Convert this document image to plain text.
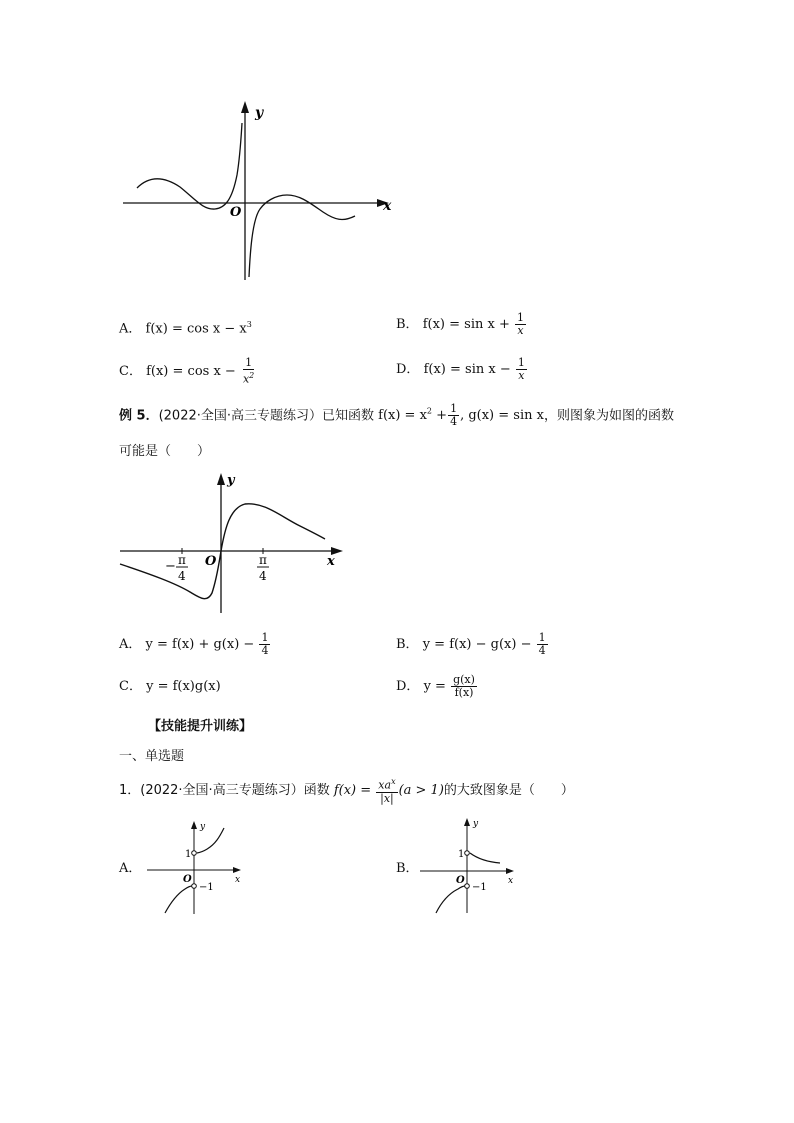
y
x
O
A． $f(x) = \cos x - x^3$	B． $f(x) = \sin x + \frac{1}{x}$
C． $f(x) = \cos x - \frac{1}{x^2}$	D． $f(x) = \sin x - \frac{1}{x}$
例 5．(2022·全国·高三专题练习）已知函数 $f(x) = x^2 + \frac{1}{4}$ , g(x) = sin x，则图象为如图的函数
可能是（　　）
y
x
O
− π
4
π
4
A． $y = f(x) + g(x) - \frac{1}{4}$	B． $y = f(x) - g(x) - \frac{1}{4}$
C． y = f(x)g(x)	D． $y = \frac{g(x)}{f(x)}$
【技能提升训练】
一、单选题
1．(2022·全国·高三专题练习）函数 $f(x) = \frac{xa^x}{|x|} (a > 1)$的大致图象是（　　）
A．
y
x
O
1
−1
B．
y
x
O
1
−1
